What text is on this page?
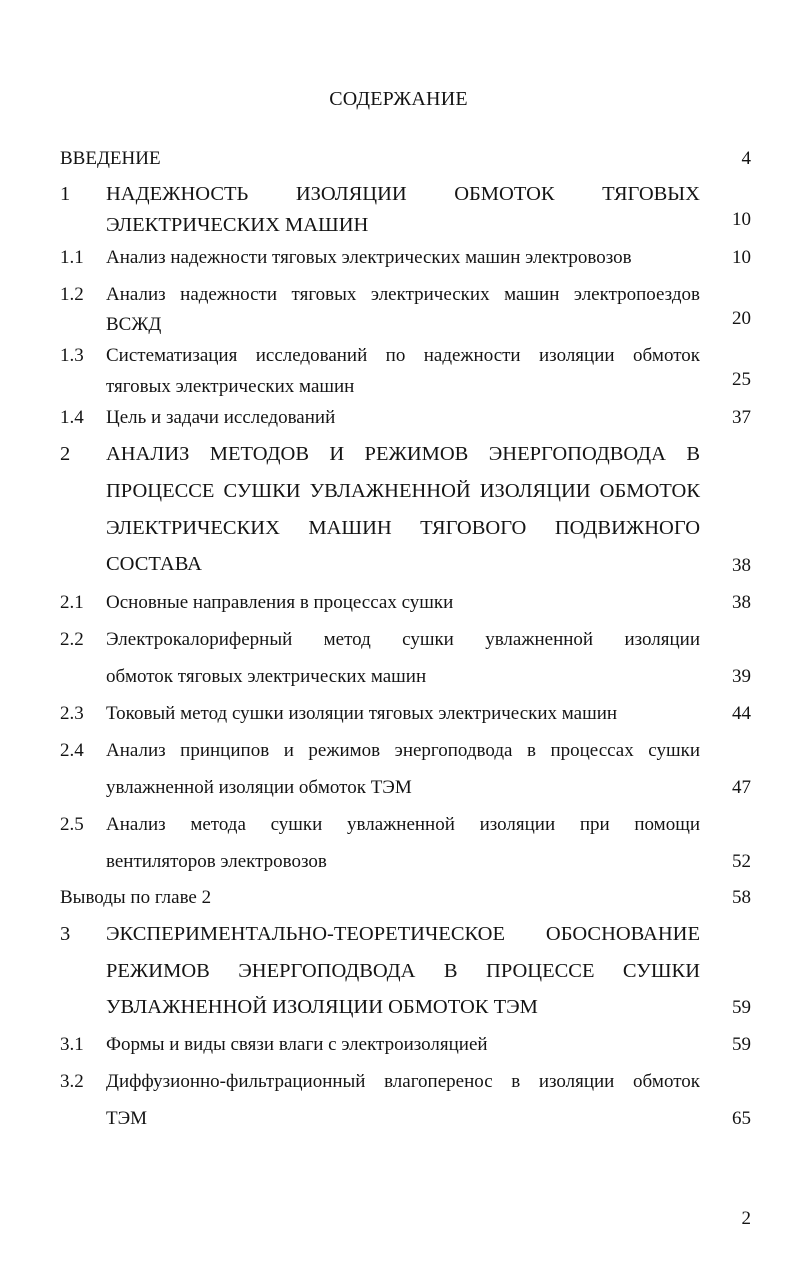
СОДЕРЖАНИЕ
ВВЕДЕНИЕ	4
1 НАДЕЖНОСТЬ ИЗОЛЯЦИИ ОБМОТОК ТЯГОВЫХ
ЭЛЕКТРИЧЕСКИХ МАШИН	10
1.1 Анализ надежности тяговых электрических машин электровозов	10
1.2 Анализ надежности тяговых электрических машин электропоездов
ВСЖД	20
1.3 Систематизация исследований по надежности изоляции обмоток
тяговых электрических машин	25
1.4 Цель и задачи исследований	37
2 АНАЛИЗ МЕТОДОВ И РЕЖИМОВ ЭНЕРГОПОДВОДА В
ПРОЦЕССЕ СУШКИ УВЛАЖНЕННОЙ ИЗОЛЯЦИИ ОБМОТОК
ЭЛЕКТРИЧЕСКИХ МАШИН ТЯГОВОГО ПОДВИЖНОГО
СОСТАВА	38
2.1 Основные направления в процессах сушки	38
2.2 Электрокалориферный метод сушки увлажненной изоляции
обмоток тяговых электрических машин	39
2.3 Токовый метод сушки изоляции тяговых электрических машин	44
2.4 Анализ принципов и режимов энергоподвода в процессах сушки
увлажненной изоляции обмоток ТЭМ	47
2.5 Анализ метода сушки увлажненной изоляции при помощи
вентиляторов электровозов	52
Выводы по главе 2	58
3 ЭКСПЕРИМЕНТАЛЬНО-ТЕОРЕТИЧЕСКОЕ ОБОСНОВАНИЕ
РЕЖИМОВ ЭНЕРГОПОДВОДА В ПРОЦЕССЕ СУШКИ
УВЛАЖНЕННОЙ ИЗОЛЯЦИИ ОБМОТОК ТЭМ	59
3.1 Формы и виды связи влаги с электроизоляцией	59
3.2 Диффузионно-фильтрационный влагоперенос в изоляции обмоток
ТЭМ	65
2
